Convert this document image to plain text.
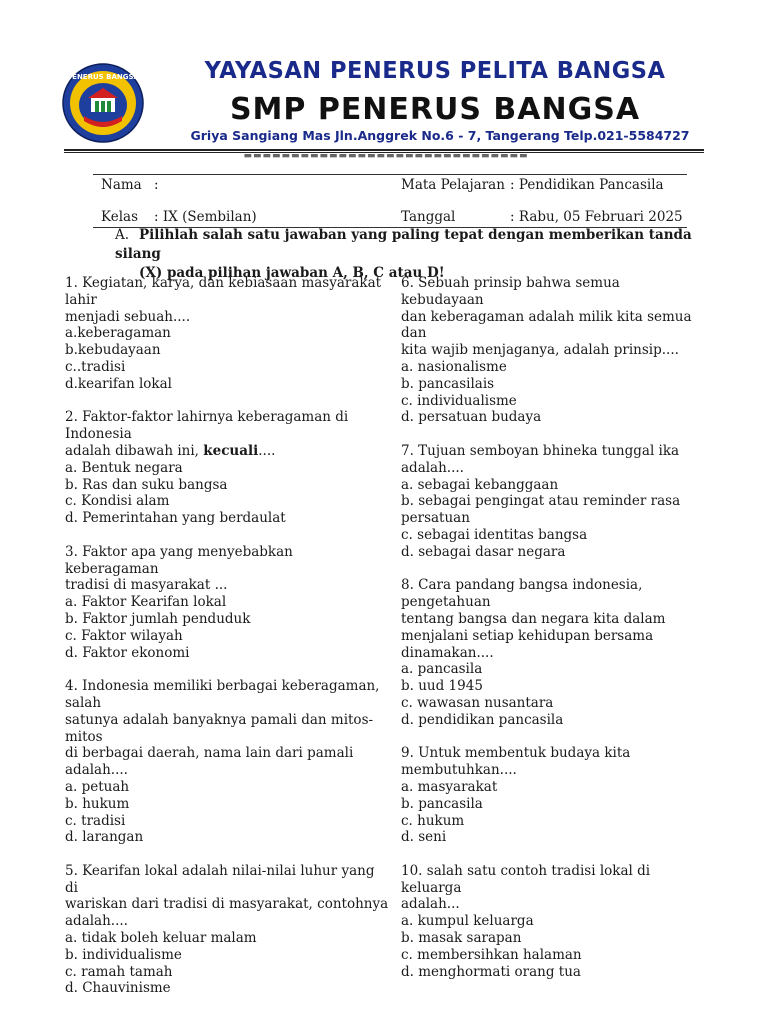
PENERUS BANGSA	YAYASAN PENERUS PELITA BANGSA
SMP PENERUS BANGSA
Griya Sangiang Mas Jln.Anggrek No.6 - 7, Tangerang Telp.021-5584727
▬▬▬▬▬▬▬▬▬▬▬▬▬▬▬▬▬▬▬▬▬▬▬▬▬▬▬▬▬▬
Nama :	Mata Pelajaran : Pendidikan Pancasila
Kelas : IX (Sembilan)	Tanggal	: Rabu, 05 Februari 2025
A. Pilihlah salah satu jawaban yang paling tepat dengan memberikan tanda silang
(X) pada pilihan jawaban A, B, C atau D!
1. Kegiatan, karya, dan kebiasaan masyarakat lahir
menjadi sebuah....
a.keberagaman
b.kebudayaan
c..tradisi
d.kearifan lokal
2. Faktor-faktor lahirnya keberagaman di Indonesia
adalah dibawah ini, kecuali....
a. Bentuk negara
b. Ras dan suku bangsa
c. Kondisi alam
d. Pemerintahan yang berdaulat
3. Faktor apa yang menyebabkan keberagaman
tradisi di masyarakat ...
a. Faktor Kearifan lokal
b. Faktor jumlah penduduk
c. Faktor wilayah
d. Faktor ekonomi
4. Indonesia memiliki berbagai keberagaman, salah
satunya adalah banyaknya pamali dan mitos-mitos
di berbagai daerah, nama lain dari pamali adalah....
a. petuah
b. hukum
c. tradisi
d. larangan
5. Kearifan lokal adalah nilai-nilai luhur yang di
wariskan dari tradisi di masyarakat, contohnya
adalah....
a. tidak boleh keluar malam
b. individualisme
c. ramah tamah
d. Chauvinisme
6. Sebuah prinsip bahwa semua kebudayaan
dan keberagaman adalah milik kita semua dan
kita wajib menjaganya, adalah prinsip....
a. nasionalisme
b. pancasilais
c. individualisme
d. persatuan budaya
7. Tujuan semboyan bhineka tunggal ika
adalah....
a. sebagai kebanggaan
b. sebagai pengingat atau reminder rasa
persatuan
c. sebagai identitas bangsa
d. sebagai dasar negara
8. Cara pandang bangsa indonesia, pengetahuan
tentang bangsa dan negara kita dalam
menjalani setiap kehidupan bersama
dinamakan....
a. pancasila
b. uud 1945
c. wawasan nusantara
d. pendidikan pancasila
9. Untuk membentuk budaya kita
membutuhkan....
a. masyarakat
b. pancasila
c. hukum
d. seni
10. salah satu contoh tradisi lokal di keluarga
adalah...
a. kumpul keluarga
b. masak sarapan
c. membersihkan halaman
d. menghormati orang tua
